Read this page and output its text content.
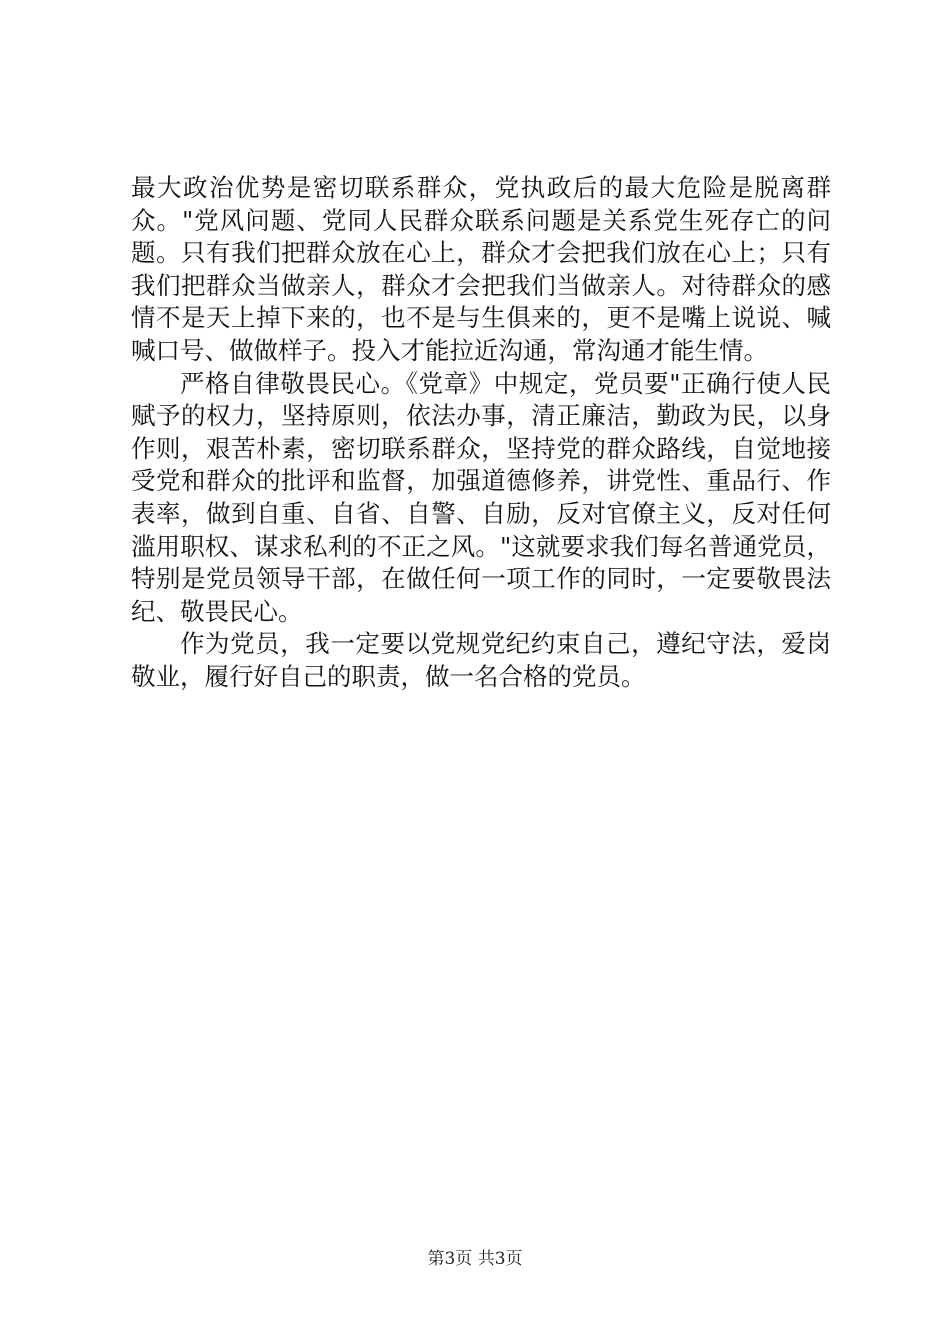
最大政治优势是密切联系群众，党执政后的最大危险是脱离群众。"党风问题、党同人民群众联系问题是关系党生死存亡的问题。只有我们把群众放在心上，群众才会把我们放在心上；只有我们把群众当做亲人，群众才会把我们当做亲人。对待群众的感情不是天上掉下来的，也不是与生俱来的，更不是嘴上说说、喊喊口号、做做样子。投入才能拉近沟通，常沟通才能生情。

严格自律敬畏民心。《党章》中规定，党员要"正确行使人民赋予的权力，坚持原则，依法办事，清正廉洁，勤政为民，以身作则，艰苦朴素，密切联系群众，坚持党的群众路线，自觉地接受党和群众的批评和监督，加强道德修养，讲党性、重品行、作表率，做到自重、自省、自警、自励，反对官僚主义，反对任何滥用职权、谋求私利的不正之风。"这就要求我们每名普通党员，特别是党员领导干部，在做任何一项工作的同时，一定要敬畏法纪、敬畏民心。

作为党员，我一定要以党规党纪约束自己，遵纪守法，爱岗敬业，履行好自己的职责，做一名合格的党员。

第3页 共3页
